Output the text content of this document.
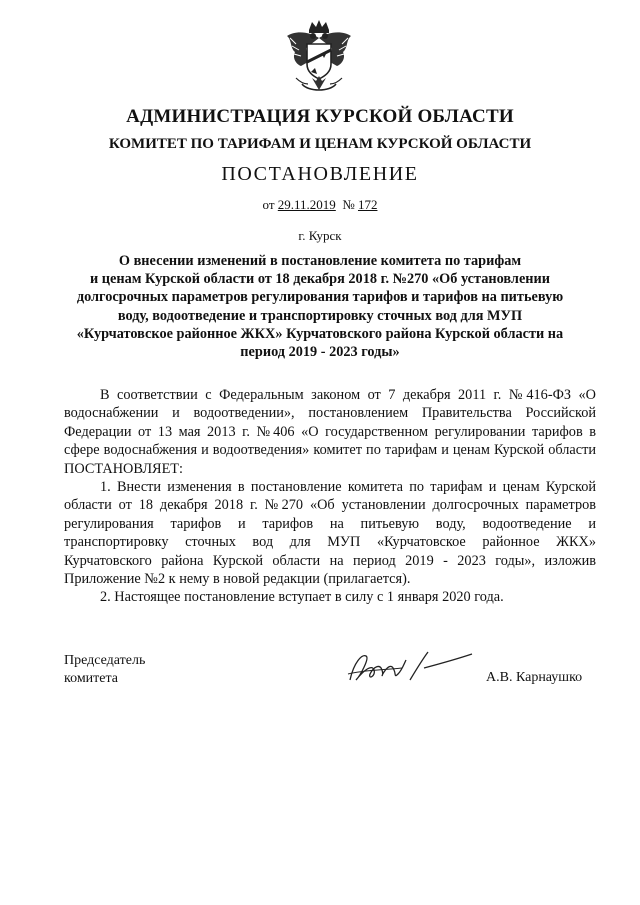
АДМИНИСТРАЦИЯ КУРСКОЙ ОБЛАСТИ
КОМИТЕТ ПО ТАРИФАМ И ЦЕНАМ КУРСКОЙ ОБЛАСТИ
ПОСТАНОВЛЕНИЕ
от 29.11.2019 № 172
г. Курск
О внесении изменений в постановление комитета по тарифам
и ценам Курской области от 18 декабря 2018 г. №270 «Об установлении
долгосрочных параметров регулирования тарифов и тарифов на питьевую
воду, водоотведение и транспортировку сточных вод для МУП
«Курчатовское районное ЖКХ» Курчатовского района Курской области на
период 2019 - 2023 годы»

В соответствии с Федеральным законом от 7 декабря 2011 г. №416-ФЗ «О водоснабжении и водоотведении», постановлением Правительства Российской Федерации от 13 мая 2013 г. №406 «О государственном регулировании тарифов в сфере водоснабжения и водоотведения» комитет по тарифам и ценам Курской области ПОСТАНОВЛЯЕТ:

1. Внести изменения в постановление комитета по тарифам и ценам Курской области от 18 декабря 2018 г. №270 «Об установлении долгосрочных параметров регулирования тарифов и тарифов на питьевую воду, водоотведение и транспортировку сточных вод для МУП «Курчатовское районное ЖКХ» Курчатовского района Курской области на период 2019 - 2023 годы», изложив Приложение №2 к нему в новой редакции (прилагается).

2. Настоящее постановление вступает в силу с 1 января 2020 года.

Председатель
комитета	А.В. Карнаушко
